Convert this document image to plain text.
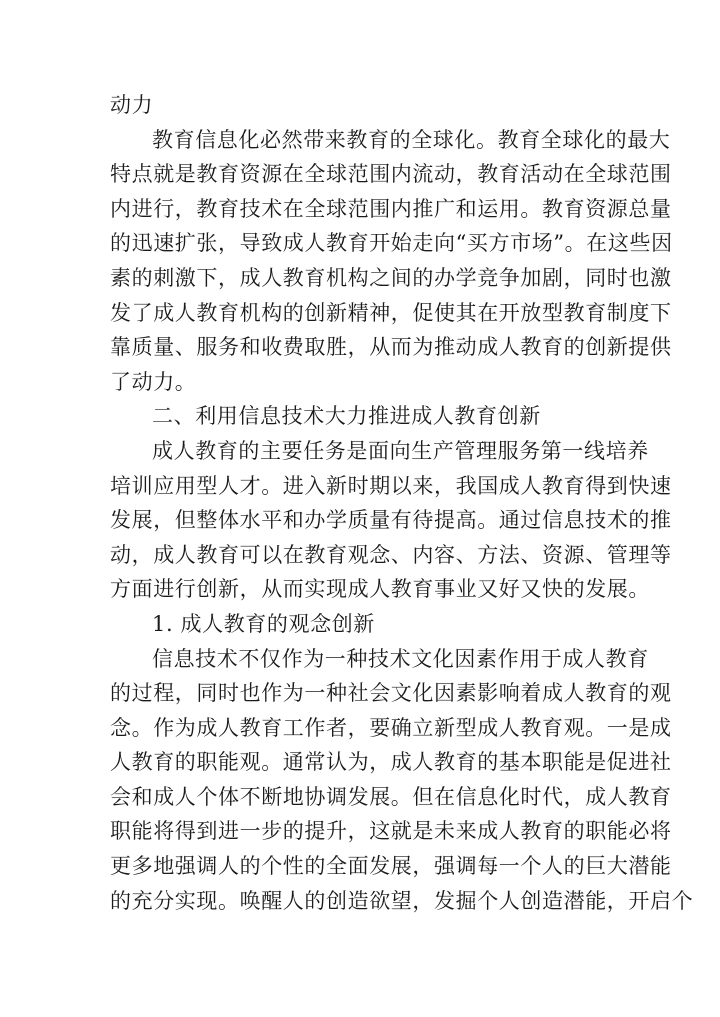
动力
教育信息化必然带来教育的全球化。教育全球化的最大
特点就是教育资源在全球范围内流动，教育活动在全球范围
内进行，教育技术在全球范围内推广和运用。教育资源总量
的迅速扩张，导致成人教育开始走向“买方市场”。在这些因
素的刺激下，成人教育机构之间的办学竞争加剧，同时也激
发了成人教育机构的创新精神，促使其在开放型教育制度下
靠质量、服务和收费取胜，从而为推动成人教育的创新提供
了动力。
二、利用信息技术大力推进成人教育创新
成人教育的主要任务是面向生产管理服务第一线培养
培训应用型人才。进入新时期以来，我国成人教育得到快速
发展，但整体水平和办学质量有待提高。通过信息技术的推
动，成人教育可以在教育观念、内容、方法、资源、管理等
方面进行创新，从而实现成人教育事业又好又快的发展。
1. 成人教育的观念创新
信息技术不仅作为一种技术文化因素作用于成人教育
的过程，同时也作为一种社会文化因素影响着成人教育的观
念。作为成人教育工作者，要确立新型成人教育观。一是成
人教育的职能观。通常认为，成人教育的基本职能是促进社
会和成人个体不断地协调发展。但在信息化时代，成人教育
职能将得到进一步的提升，这就是未来成人教育的职能必将
更多地强调人的个性的全面发展，强调每一个人的巨大潜能
的充分实现。唤醒人的创造欲望，发掘个人创造潜能，开启个
